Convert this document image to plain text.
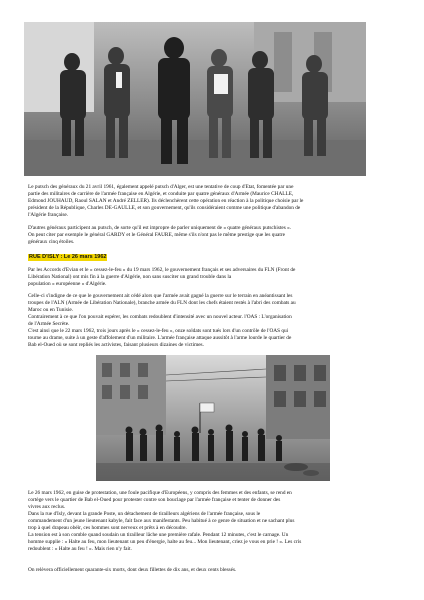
Le putsch des généraux du 21 avril 1961, également appelé putsch d'Alger, est une tentative de coup d'Etat, fomentée par une
partie des militaires de carrière de l'armée française en Algérie, et conduite par quatre généraux d'Armée (Maurice CHALLE,
Edmond JOUHAUD, Raoul SALAN et André ZELLER). Ils déclenchèrent cette opération en réaction à la politique choisie par le
président de la République, Charles DE-GAULLE, et son gouvernement, qu'ils considéraient comme une politique d'abandon de
l'Algérie française.
D'autres généraux participent au putsch, de sorte qu'il est impropre de parler uniquement de « quatre généraux putschistes ».
On peut citer par exemple le général GARDY et le Général FAURE, même s'ils n'ont pas le même prestige que les quatre
généraux cinq étoiles.
RUE D'ISLY : Le 26 mars 1962
Par les Accords d'Evian et le « cessez-le-feu » du 19 mars 1962, le gouvernement français et ses adversaires du FLN (Front de
Libération National) ont mis fin à la guerre d'Algérie, non sans susciter un grand trouble dans la
population « européenne » d'Algérie.
Celle-ci s'indigne de ce que le gouvernement ait cédé alors que l'armée avait gagné la guerre sur le terrain en anéantissant les
troupes de l'ALN (Armée de Libération Nationale), branche armée du FLN dont les chefs étaient restés à l'abri des combats au
Maroc ou en Tunisie.
Contrairement à ce que l'on pouvait espérer, les combats redoublent d'intensité avec un nouvel acteur. l'OAS : L'organisation
de l'Armée Secrète.
C'est ainsi que le 22 mars 1962, trois jours après le « cessez-le-feu », onze soldats sont tués lors d'un contrôle de l'OAS qui
tourne au drame, suite à un geste d'affolement d'un militaire. L'armée française attaque aussitôt à l'arme lourde le quartier de
Bab el-Oued où se sont repliés les activistes, faisant plusieurs dizaines de victimes.
Le 26 mars 1962, en guise de protestation, une foule pacifique d'Européens, y compris des femmes et des enfants, se rend en
cortège vers le quartier de Bab el-Oued pour protester contre son bouclage par l'armée française et tenter de donner des
vivres aux reclus.
Dans la rue d'Isly, devant la grande Poste, un détachement de tirailleurs algériens de l'armée française, sous le
commandement d'un jeune lieutenant kabyle, fait face aux manifestants. Peu habitué à ce genre de situation et ne sachant plus
trop à quel drapeau obéir, ces hommes sont nerveux et prêts à en découdre.
La tension est à son comble quand soudain un tirailleur lâche une première rafale. Pendant 12 minutes, c'est le carnage. Un
homme supplie : « Halte au feu, mon lieutenant un peu d'énergie, halte au feu... Mon lieutenant, criez je vous en prie ! ». Les cris
redoublent : « Halte au feu ! ». Mais rien n'y fait.
On relèvera officiellement quarante-six morts, dont deux fillettes de dix ans, et deux cents blessés.
